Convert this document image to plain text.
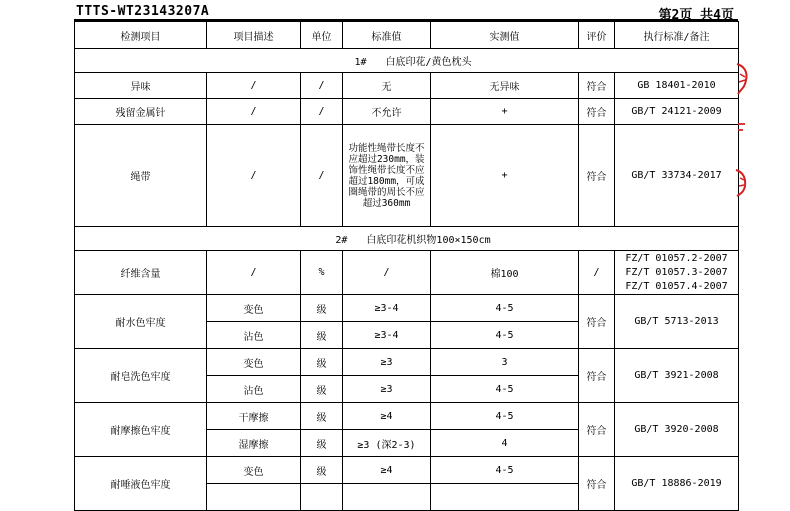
TTTS-WT23143207A	第2页 共4页
检测项目	项目描述	单位	标准值	实测值	评价	执行标准/备注
1# 白底印花/黄色枕头						
异味	/	/	无	无异味	符合	GB 18401-2010
残留金属针	/	/	不允许	+	符合	GB/T 24121-2009
绳带	/	/	功能性绳带长度不应超过230mm，装饰性绳带长度不应超过180mm，可成圈绳带的周长不应超过360mm	+	符合	GB/T 33734-2017
2# 白底印花机织物100×150cm						
纤维含量	/	%	/	棉100	/	FZ/T 01057.2-2007
FZ/T 01057.3-2007
FZ/T 01057.4-2007

耐水色牢度	变色	级	≥3-4	4-5	符合	GB/T 5713-2013
	沾色	级	≥3-4	4-5		
耐皂洗色牢度	变色	级	≥3	3	符合	GB/T 3921-2008
	沾色	级	≥3	4-5		
耐摩擦色牢度	干摩擦	级	≥4	4-5	符合	GB/T 3920-2008
	湿摩擦	级	≥3 (深2-3)	4		
耐唾液色牢度	变色	级	≥4	4-5	符合	GB/T 18886-2019
